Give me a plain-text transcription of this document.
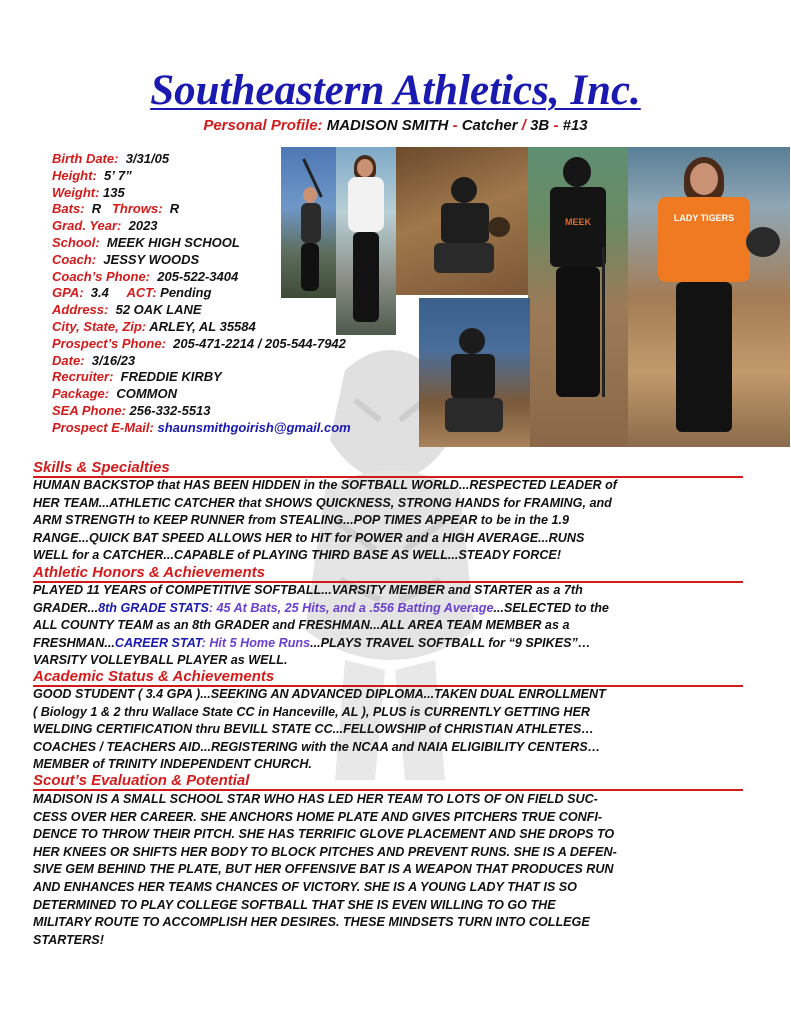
Southeastern Athletics, Inc.
Personal Profile: MADISON SMITH - Catcher / 3B - #13
Birth Date: 3/31/05
Height: 5’ 7”
Weight: 135
Bats: R Throws: R
Grad. Year: 2023
School: MEEK HIGH SCHOOL
Coach: JESSY WOODS
Coach’s Phone: 205-522-3404
GPA: 3.4 ACT: Pending
Address: 52 OAK LANE
City, State, Zip: ARLEY, AL 35584
Prospect’s Phone: 205-471-2214 / 205-544-7942
Date: 3/16/23
Recruiter: FREDDIE KIRBY
Package: COMMON
SEA Phone: 256-332-5513
Prospect E-Mail: shaunsmithgoirish@gmail.com
MEEK	LADY TIGERS
Skills & Specialties
HUMAN BACKSTOP that HAS BEEN HIDDEN in the SOFTBALL WORLD...RESPECTED LEADER of
HER TEAM...ATHLETIC CATCHER that SHOWS QUICKNESS, STRONG HANDS for FRAMING, and
ARM STRENGTH to KEEP RUNNER from STEALING...POP TIMES APPEAR to be in the 1.9
RANGE...QUICK BAT SPEED ALLOWS HER to HIT for POWER and a HIGH AVERAGE...RUNS
WELL for a CATCHER...CAPABLE of PLAYING THIRD BASE AS WELL...STEADY FORCE!
Athletic Honors & Achievements
PLAYED 11 YEARS of COMPETITIVE SOFTBALL...VARSITY MEMBER and STARTER as a 7th
GRADER...8th GRADE STATS: 45 At Bats, 25 Hits, and a .556 Batting Average...SELECTED to the
ALL COUNTY TEAM as an 8th GRADER and FRESHMAN...ALL AREA TEAM MEMBER as a
FRESHMAN...CAREER STAT: Hit 5 Home Runs...PLAYS TRAVEL SOFTBALL for “9 SPIKES”…
VARSITY VOLLEYBALL PLAYER as WELL.
Academic Status & Achievements
GOOD STUDENT ( 3.4 GPA )...SEEKING AN ADVANCED DIPLOMA...TAKEN DUAL ENROLLMENT
( Biology 1 & 2 thru Wallace State CC in Hanceville, AL ), PLUS is CURRENTLY GETTING HER
WELDING CERTIFICATION thru BEVILL STATE CC...FELLOWSHIP of CHRISTIAN ATHLETES…
COACHES / TEACHERS AID...REGISTERING with the NCAA and NAIA ELIGIBILITY CENTERS…
MEMBER of TRINITY INDEPENDENT CHURCH.
Scout’s Evaluation & Potential
MADISON IS A SMALL SCHOOL STAR WHO HAS LED HER TEAM TO LOTS OF ON FIELD SUC-
CESS OVER HER CAREER. SHE ANCHORS HOME PLATE AND GIVES PITCHERS TRUE CONFI-
DENCE TO THROW THEIR PITCH. SHE HAS TERRIFIC GLOVE PLACEMENT AND SHE DROPS TO
HER KNEES OR SHIFTS HER BODY TO BLOCK PITCHES AND PREVENT RUNS. SHE IS A DEFEN-
SIVE GEM BEHIND THE PLATE, BUT HER OFFENSIVE BAT IS A WEAPON THAT PRODUCES RUN
AND ENHANCES HER TEAMS CHANCES OF VICTORY. SHE IS A YOUNG LADY THAT IS SO
DETERMINED TO PLAY COLLEGE SOFTBALL THAT SHE IS EVEN WILLING TO GO THE
MILITARY ROUTE TO ACCOMPLISH HER DESIRES. THESE MINDSETS TURN INTO COLLEGE
STARTERS!
